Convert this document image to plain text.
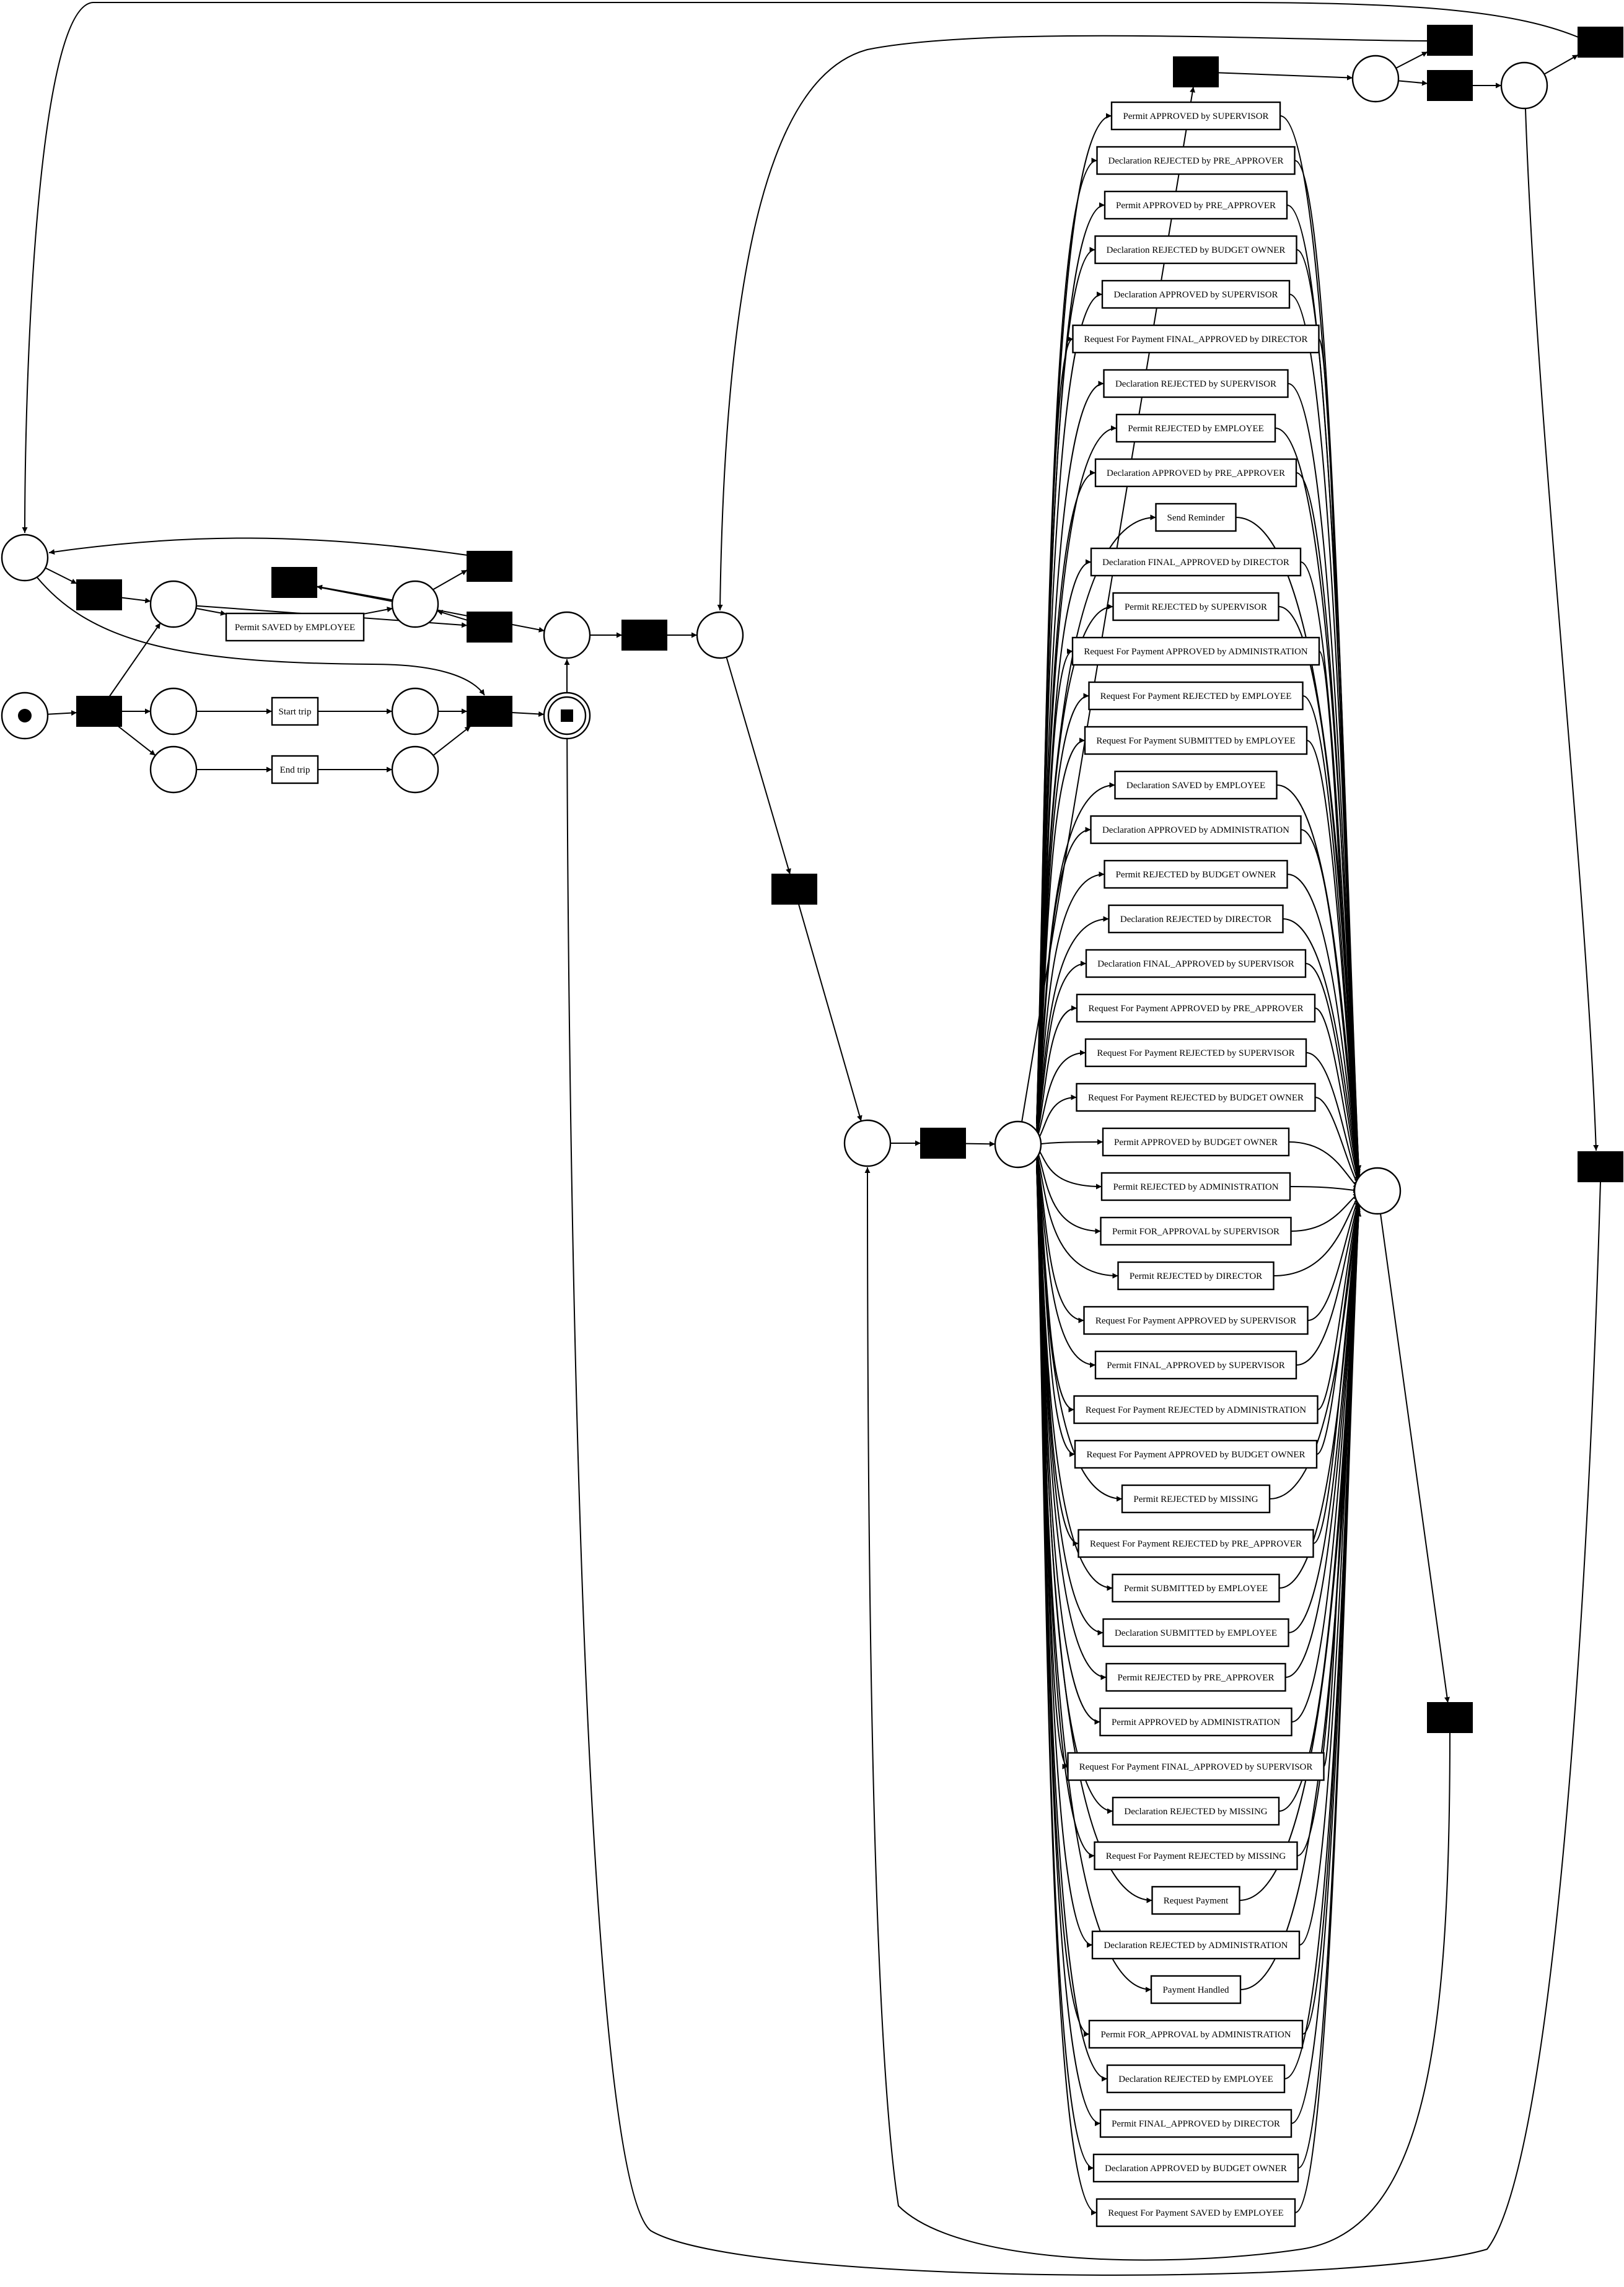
Permit SAVED by EMPLOYEE
Start trip
End trip
Permit APPROVED by SUPERVISOR
Declaration REJECTED by PRE_APPROVER
Permit APPROVED by PRE_APPROVER
Declaration REJECTED by BUDGET OWNER
Declaration APPROVED by SUPERVISOR
Request For Payment FINAL_APPROVED by DIRECTOR
Declaration REJECTED by SUPERVISOR
Permit REJECTED by EMPLOYEE
Declaration APPROVED by PRE_APPROVER
Send Reminder
Declaration FINAL_APPROVED by DIRECTOR
Permit REJECTED by SUPERVISOR
Request For Payment APPROVED by ADMINISTRATION
Request For Payment REJECTED by EMPLOYEE
Request For Payment SUBMITTED by EMPLOYEE
Declaration SAVED by EMPLOYEE
Declaration APPROVED by ADMINISTRATION
Permit REJECTED by BUDGET OWNER
Declaration REJECTED by DIRECTOR
Declaration FINAL_APPROVED by SUPERVISOR
Request For Payment APPROVED by PRE_APPROVER
Request For Payment REJECTED by SUPERVISOR
Request For Payment REJECTED by BUDGET OWNER
Permit APPROVED by BUDGET OWNER
Permit REJECTED by ADMINISTRATION
Permit FOR_APPROVAL by SUPERVISOR
Permit REJECTED by DIRECTOR
Request For Payment APPROVED by SUPERVISOR
Permit FINAL_APPROVED by SUPERVISOR
Request For Payment REJECTED by ADMINISTRATION
Request For Payment APPROVED by BUDGET OWNER
Permit REJECTED by MISSING
Request For Payment REJECTED by PRE_APPROVER
Permit SUBMITTED by EMPLOYEE
Declaration SUBMITTED by EMPLOYEE
Permit REJECTED by PRE_APPROVER
Permit APPROVED by ADMINISTRATION
Request For Payment FINAL_APPROVED by SUPERVISOR
Declaration REJECTED by MISSING
Request For Payment REJECTED by MISSING
Request Payment
Declaration REJECTED by ADMINISTRATION
Payment Handled
Permit FOR_APPROVAL by ADMINISTRATION
Declaration REJECTED by EMPLOYEE
Permit FINAL_APPROVED by DIRECTOR
Declaration APPROVED by BUDGET OWNER
Request For Payment SAVED by EMPLOYEE
